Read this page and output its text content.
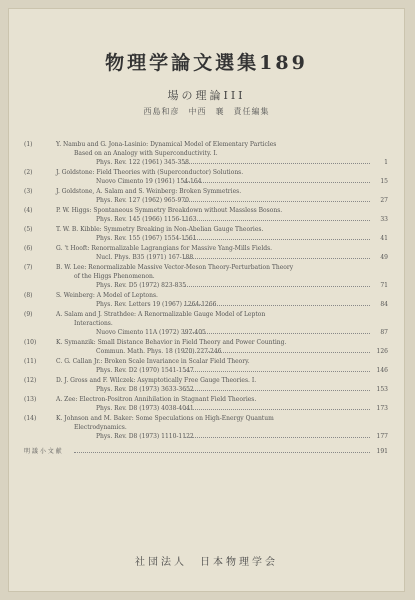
物理学論文選集189
場の理論III
西島和彦　中西　襄　責任編集
(1)	Y. Nambu and G. Jona-Lasinio: Dynamical Model of Elementary Particles
Based on an Analogy with Superconductivity. I.
Phys. Rev. 122 (1961) 345-358	1
(2)	J. Goldstone: Field Theories with (Superconductor) Solutions.
Nuovo Cimento 19 (1961) 154-164	15
(3)	J. Goldstone, A. Salam and S. Weinberg: Broken Symmetries.
Phys. Rev. 127 (1962) 965-970	27
(4)	P. W. Higgs: Spontaneous Symmetry Breakdown without Massless Bosons.
Phys. Rev. 145 (1966) 1156-1163	33
(5)	T. W. B. Kibble: Symmetry Breaking in Non-Abelian Gauge Theories.
Phys. Rev. 155 (1967) 1554-1561	41
(6)	G. 't Hooft: Renormalizable Lagrangians for Massive Yang-Mills Fields.
Nucl. Phys. B35 (1971) 167-188	49
(7)	B. W. Lee: Renormalizable Massive Vector-Meson Theory-Perturbation Theory
of the Higgs Phenomenon.
Phys. Rev. D5 (1972) 823-835	71
(8)	S. Weinberg: A Model of Leptons.
Phys. Rev. Letters 19 (1967) 1264-1266	84
(9)	A. Salam and J. Strathdee: A Renormalizable Gauge Model of Lepton
Interactions.
Nuovo Cimento 11A (1972) 397-405	87
(10)	K. Symanzik: Small Distance Behavior in Field Theory and Power Counting.
Commun. Math. Phys. 18 (1970) 227-246	126
(11)	C. G. Callan Jr.: Broken Scale Invariance in Scalar Field Theory.
Phys. Rev. D2 (1970) 1541-1547	146
(12)	D. J. Gross and F. Wilczek: Asymptotically Free Gauge Theories. I.
Phys. Rev. D8 (1973) 3633-3652	153
(13)	A. Zee: Electron-Positron Annihilation in Stagnant Field Theories.
Phys. Rev. D8 (1973) 4038-4041	173
(14)	K. Johnson and M. Baker: Some Speculations on High-Energy Quantum
Electrodynamics.
Phys. Rev. D8 (1973) 1110-1122	177
明 議 小 文 献	191
社団法人　日本物理学会
